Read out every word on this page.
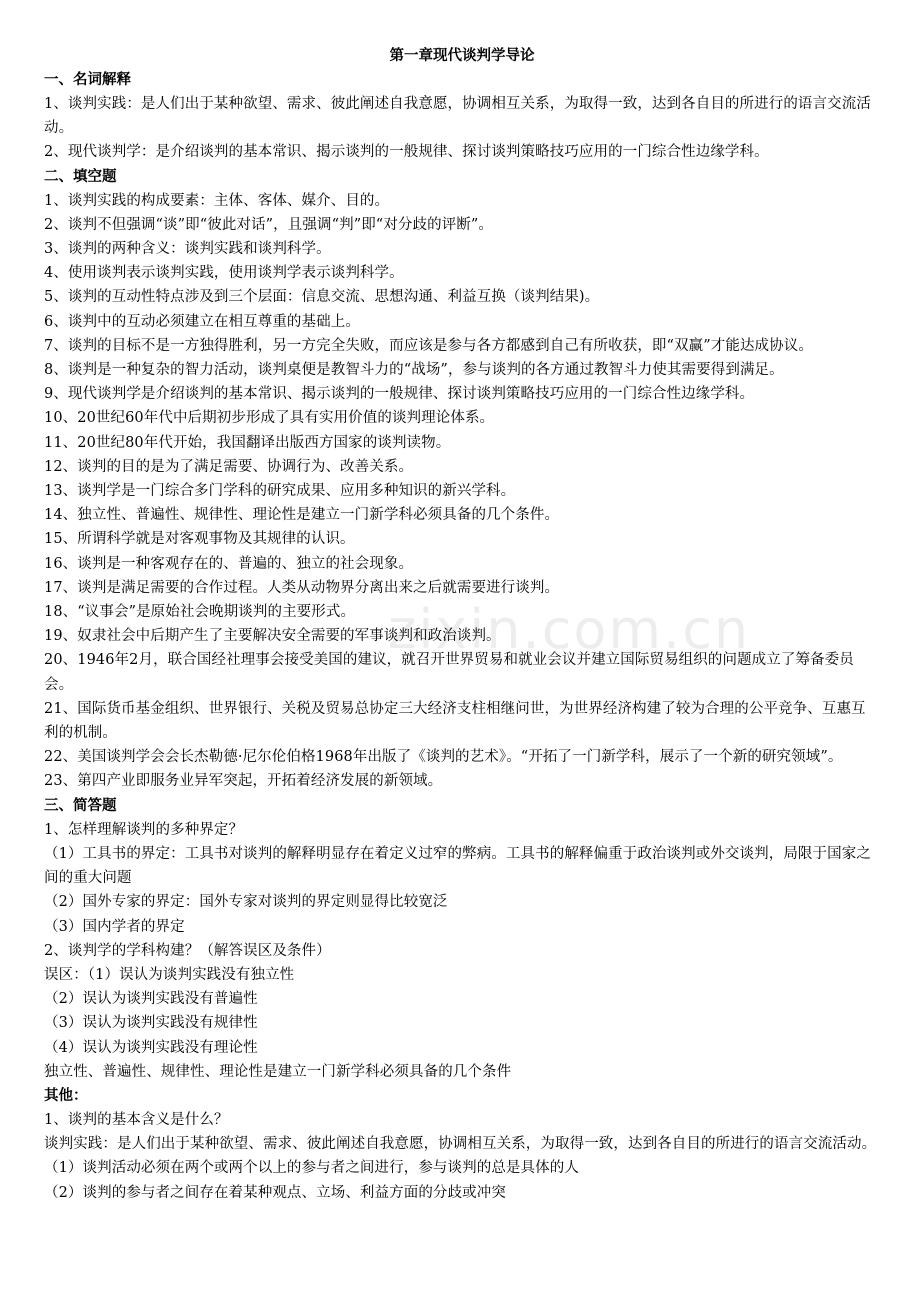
zixin.com.cn
第一章现代谈判学导论
一、名词解释

1、谈判实践：是人们出于某种欲望、需求、彼此阐述自我意愿，协调相互关系，为取得一致，达到各自目的所进行的语言交流活动。

2、现代谈判学：是介绍谈判的基本常识、揭示谈判的一般规律、探讨谈判策略技巧应用的一门综合性边缘学科。

二、填空题

1、谈判实践的构成要素：主体、客体、媒介、目的。

2、谈判不但强调“谈”即“彼此对话”，且强调“判”即“对分歧的评断”。

3、谈判的两种含义：谈判实践和谈判科学。

4、使用谈判表示谈判实践，使用谈判学表示谈判科学。

5、谈判的互动性特点涉及到三个层面：信息交流、思想沟通、利益互换（谈判结果)。

6、谈判中的互动必须建立在相互尊重的基础上。

7、谈判的目标不是一方独得胜利，另一方完全失败，而应该是参与各方都感到自己有所收获，即“双赢”才能达成协议。

8、谈判是一种复杂的智力活动，谈判桌便是教智斗力的“战场”，参与谈判的各方通过教智斗力使其需要得到满足。

9、现代谈判学是介绍谈判的基本常识、揭示谈判的一般规律、探讨谈判策略技巧应用的一门综合性边缘学科。

10、20世纪60年代中后期初步形成了具有实用价值的谈判理论体系。

11、20世纪80年代开始，我国翻译出版西方国家的谈判读物。

12、谈判的目的是为了满足需要、协调行为、改善关系。

13、谈判学是一门综合多门学科的研究成果、应用多种知识的新兴学科。

14、独立性、普遍性、规律性、理论性是建立一门新学科必须具备的几个条件。

15、所谓科学就是对客观事物及其规律的认识。

16、谈判是一种客观存在的、普遍的、独立的社会现象。

17、谈判是满足需要的合作过程。人类从动物界分离出来之后就需要进行谈判。

18、“议事会”是原始社会晚期谈判的主要形式。

19、奴隶社会中后期产生了主要解决安全需要的军事谈判和政治谈判。

20、1946年2月，联合国经社理事会接受美国的建议，就召开世界贸易和就业会议并建立国际贸易组织的问题成立了筹备委员会。

21、国际货币基金组织、世界银行、关税及贸易总协定三大经济支柱相继问世，为世界经济构建了较为合理的公平竞争、互惠互利的机制。

22、美国谈判学会会长杰勒德·尼尔伦伯格1968年出版了《谈判的艺术》。“开拓了一门新学科，展示了一个新的研究领域”。

23、第四产业即服务业异军突起，开拓着经济发展的新领域。

三、简答题

1、怎样理解谈判的多种界定？

（1）工具书的界定：工具书对谈判的解释明显存在着定义过窄的弊病。工具书的解释偏重于政治谈判或外交谈判，局限于国家之间的重大问题

（2）国外专家的界定：国外专家对谈判的界定则显得比较宽泛

（3）国内学者的界定

2、谈判学的学科构建？（解答误区及条件）

误区：（1）误认为谈判实践没有独立性

（2）误认为谈判实践没有普遍性

（3）误认为谈判实践没有规律性

（4）误认为谈判实践没有理论性

独立性、普遍性、规律性、理论性是建立一门新学科必须具备的几个条件

其他：

1、谈判的基本含义是什么？

谈判实践：是人们出于某种欲望、需求、彼此阐述自我意愿，协调相互关系，为取得一致，达到各自目的所进行的语言交流活动。

（1）谈判活动必须在两个或两个以上的参与者之间进行，参与谈判的总是具体的人

（2）谈判的参与者之间存在着某种观点、立场、利益方面的分歧或冲突
